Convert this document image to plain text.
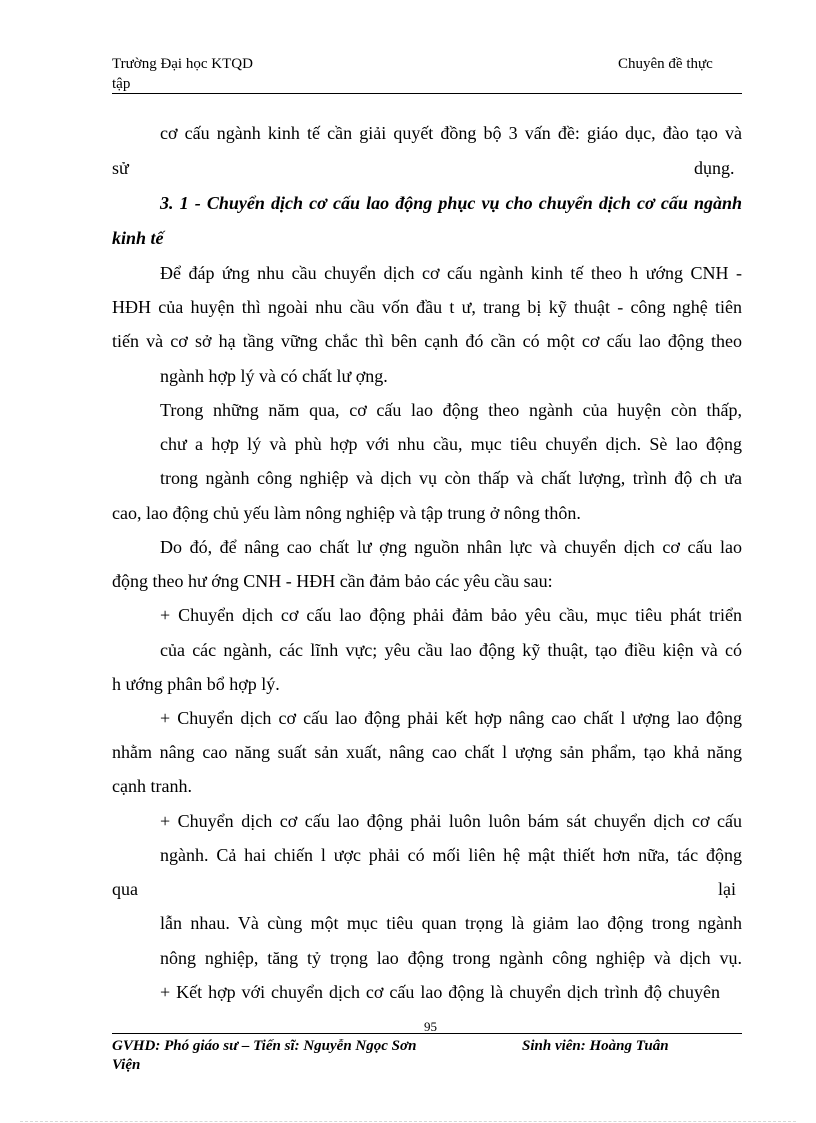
Trường Đại học KTQD
tập
Chuyên đề thực
cơ cấu ngành kinh tế cần giải quyết đồng bộ 3 vấn đề: giáo dục, đào tạo và
sử	dụng.
3. 1 - Chuyển dịch cơ cấu lao động phục vụ cho chuyển dịch cơ cấu ngành
kinh tế
Để đáp ứng nhu cầu chuyển dịch cơ cấu ngành kinh tế theo h ướng CNH -
HĐH của huyện thì ngoài nhu cầu vốn đầu t ư, trang bị kỹ thuật - công nghệ tiên
tiến và cơ sở hạ tầng vững chắc thì bên cạnh đó cần có một cơ cấu lao động theo
ngành hợp lý và có chất lư ợng.
Trong những năm qua, cơ cấu lao động theo ngành của huyện còn thấp,
chư a hợp lý và phù hợp với nhu cầu, mục tiêu chuyển dịch. Sè lao động
trong ngành công nghiệp và dịch vụ còn thấp và chất lượng, trình độ ch ưa
cao, lao động chủ yếu làm nông nghiệp và tập trung ở nông thôn.
Do đó, để nâng cao chất lư ợng nguồn nhân lực và chuyển dịch cơ cấu lao
động theo hư ớng CNH - HĐH cần đảm bảo các yêu cầu sau:
+ Chuyển dịch cơ cấu lao động phải đảm bảo yêu cầu, mục tiêu phát triển
của các ngành, các lĩnh vực; yêu cầu lao động kỹ thuật, tạo điều kiện và có
h ướng phân bổ hợp lý.
+ Chuyển dịch cơ cấu lao động phải kết hợp nâng cao chất l ượng lao động
nhằm nâng cao năng suất sản xuất, nâng cao chất l ượng sản phẩm, tạo khả năng
cạnh tranh.
+ Chuyển dịch cơ cấu lao động phải luôn luôn bám sát chuyển dịch cơ cấu
ngành. Cả hai chiến l ược phải có mối liên hệ mật thiết hơn nữa, tác động
qua	lại
lẫn nhau. Và cùng một mục tiêu quan trọng là giảm lao động trong ngành
nông nghiệp, tăng tỷ trọng lao động trong ngành công nghiệp và dịch vụ.
+ Kết hợp với chuyển dịch cơ cấu lao động là chuyển dịch trình độ chuyên
95
GVHD: Phó giáo sư – Tiến sĩ: Nguyễn Ngọc Sơn
Viện
Sinh viên: Hoàng Tuân
